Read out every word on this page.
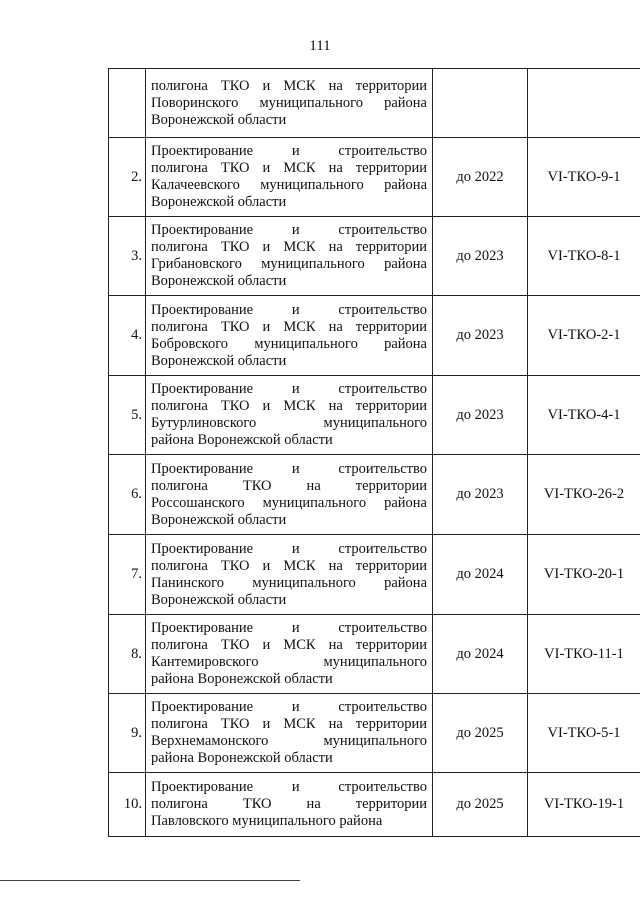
111

	полигона ТКО и МСК на территории
Поворинского муниципального района
Воронежской области		

2.	Проектирование и строительство
полигона ТКО и МСК на территории
Калачеевского муниципального района
Воронежской области	до 2022	VI-ТКО-9-1
3.	Проектирование и строительство
полигона ТКО и МСК на территории
Грибановского муниципального района
Воронежской области	до 2023	VI-ТКО-8-1
4.	Проектирование и строительство
полигона ТКО и МСК на территории
Бобровского муниципального района
Воронежской области	до 2023	VI-ТКО-2-1
5.	Проектирование и строительство
полигона ТКО и МСК на территории
Бутурлиновского муниципального
района Воронежской области	до 2023	VI-ТКО-4-1
6.	Проектирование и строительство
полигона ТКО на территории
Россошанского муниципального района
Воронежской области	до 2023	VI-ТКО-26-2
7.	Проектирование и строительство
полигона ТКО и МСК на территории
Панинского муниципального района
Воронежской области	до 2024	VI-ТКО-20-1
8.	Проектирование и строительство
полигона ТКО и МСК на территории
Кантемировского муниципального
района Воронежской области	до 2024	VI-ТКО-11-1
9.	Проектирование и строительство
полигона ТКО и МСК на территории
Верхнемамонского муниципального
района Воронежской области	до 2025	VI-ТКО-5-1
10.	Проектирование и строительство
полигона ТКО на территории
Павловского муниципального района	до 2025	VI-ТКО-19-1
